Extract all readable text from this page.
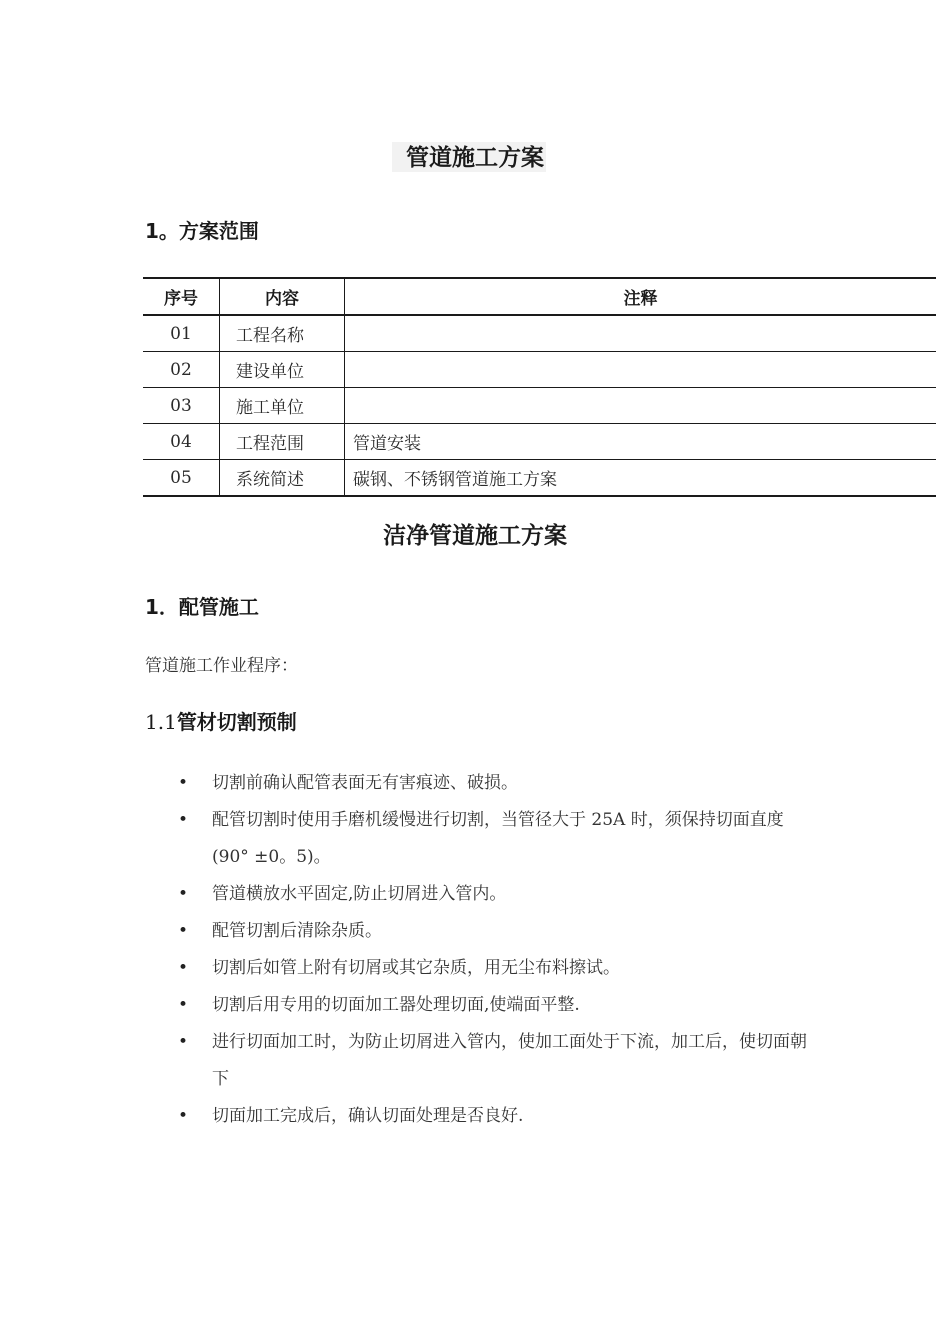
管道施工方案
1。方案范围
序号	内容	注释
01	工程名称	
02	建设单位	
03	施工单位	
04	工程范围	管道安装
05	系统简述	碳钢、不锈钢管道施工方案
洁净管道施工方案
1．配管施工
管道施工作业程序：
1.1管材切割预制
• 切割前确认配管表面无有害痕迹、破损。
• 配管切割时使用手磨机缓慢进行切割，当管径大于 25A 时，须保持切面直度(90° ±0。5)。
• 管道横放水平固定,防止切屑进入管内。
• 配管切割后清除杂质。
• 切割后如管上附有切屑或其它杂质，用无尘布料擦试。
• 切割后用专用的切面加工器处理切面,使端面平整.
• 进行切面加工时，为防止切屑进入管内，使加工面处于下流，加工后，使切面朝下
• 切面加工完成后，确认切面处理是否良好.
